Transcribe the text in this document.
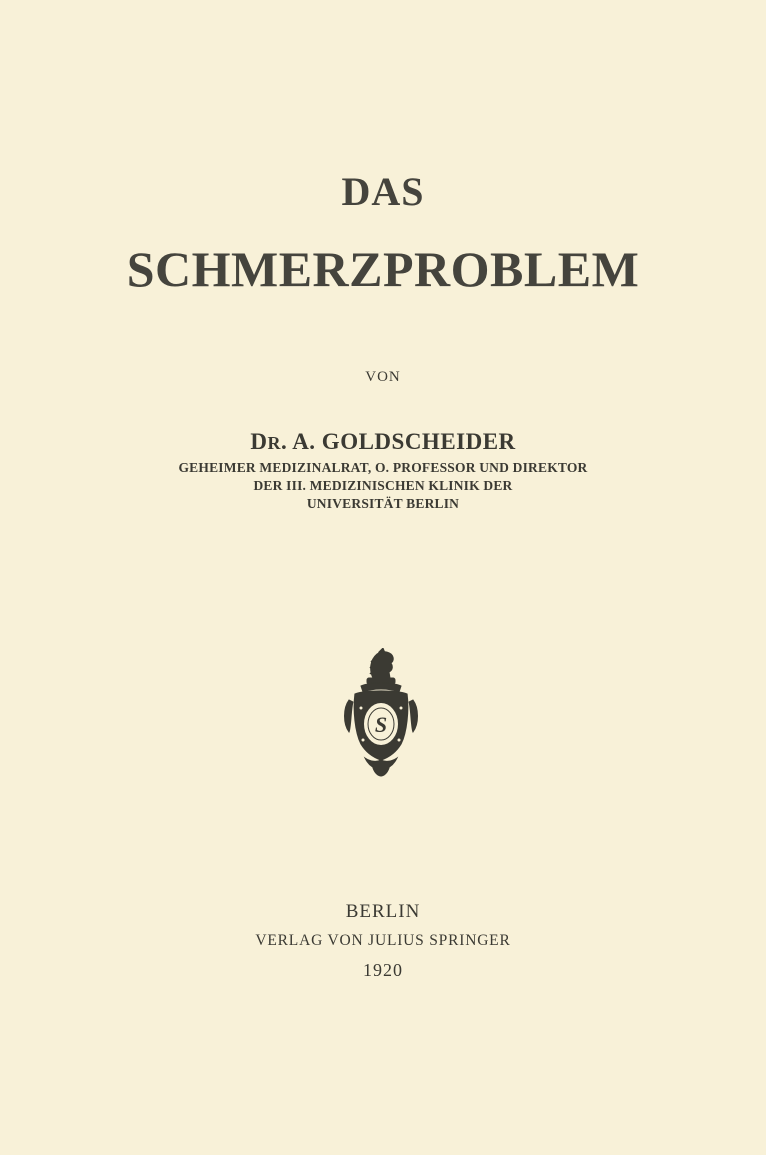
DAS
SCHMERZPROBLEM
VON
DR. A. GOLDSCHEIDER
GEHEIMER MEDIZINALRAT, O. PROFESSOR UND DIREKTOR
DER III. MEDIZINISCHEN KLINIK DER
UNIVERSITÄT BERLIN
S
BERLIN
VERLAG VON JULIUS SPRINGER
1920
